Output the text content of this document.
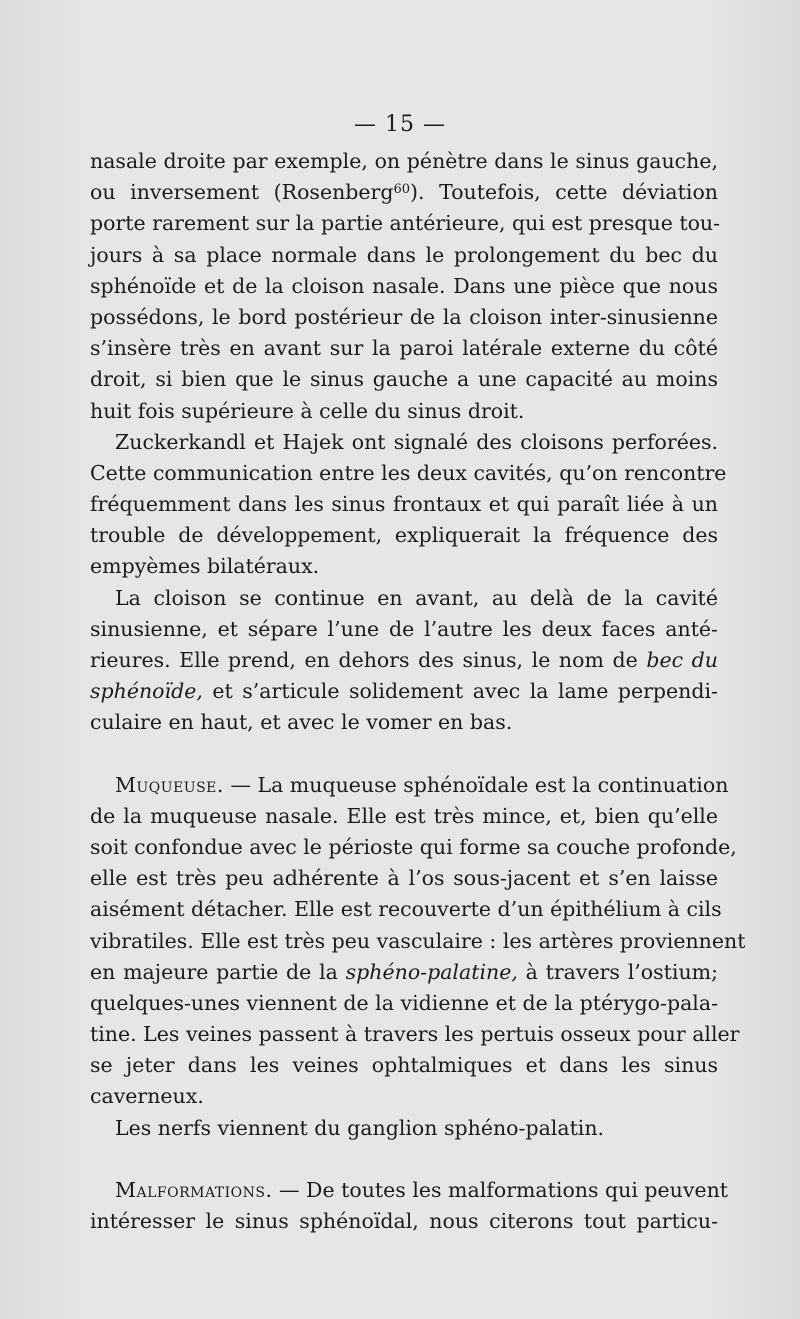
— 15 —
nasale droite par exemple, on pénètre dans le sinus gauche,
ou inversement (Rosenberg$^{60}$). Toutefois, cette déviation
porte rarement sur la partie antérieure, qui est presque tou-
jours à sa place normale dans le prolongement du bec du
sphénoïde et de la cloison nasale. Dans une pièce que nous
possédons, le bord postérieur de la cloison inter-sinusienne
s’insère très en avant sur la paroi latérale externe du côté
droit, si bien que le sinus gauche a une capacité au moins
huit fois supérieure à celle du sinus droit.
Zuckerkandl et Hajek ont signalé des cloisons perforées.
Cette communication entre les deux cavités, qu’on rencontre
fréquemment dans les sinus frontaux et qui paraît liée à un
trouble de développement, expliquerait la fréquence des
empyèmes bilatéraux.
La cloison se continue en avant, au delà de la cavité
sinusienne, et sépare l’une de l’autre les deux faces anté-
rieures. Elle prend, en dehors des sinus, le nom de bec du
sphénoïde, et s’articule solidement avec la lame perpendi-
culaire en haut, et avec le vomer en bas.
Muqueuse. — La muqueuse sphénoïdale est la continuation
de la muqueuse nasale. Elle est très mince, et, bien qu’elle
soit confondue avec le périoste qui forme sa couche profonde,
elle est très peu adhérente à l’os sous-jacent et s’en laisse
aisément détacher. Elle est recouverte d’un épithélium à cils
vibratiles. Elle est très peu vasculaire : les artères proviennent
en majeure partie de la sphéno-palatine, à travers l’ostium;
quelques-unes viennent de la vidienne et de la ptérygo-pala-
tine. Les veines passent à travers les pertuis osseux pour aller
se jeter dans les veines ophtalmiques et dans les sinus
caverneux.
Les nerfs viennent du ganglion sphéno-palatin.
Malformations. — De toutes les malformations qui peuvent
intéresser le sinus sphénoïdal, nous citerons tout particu-
